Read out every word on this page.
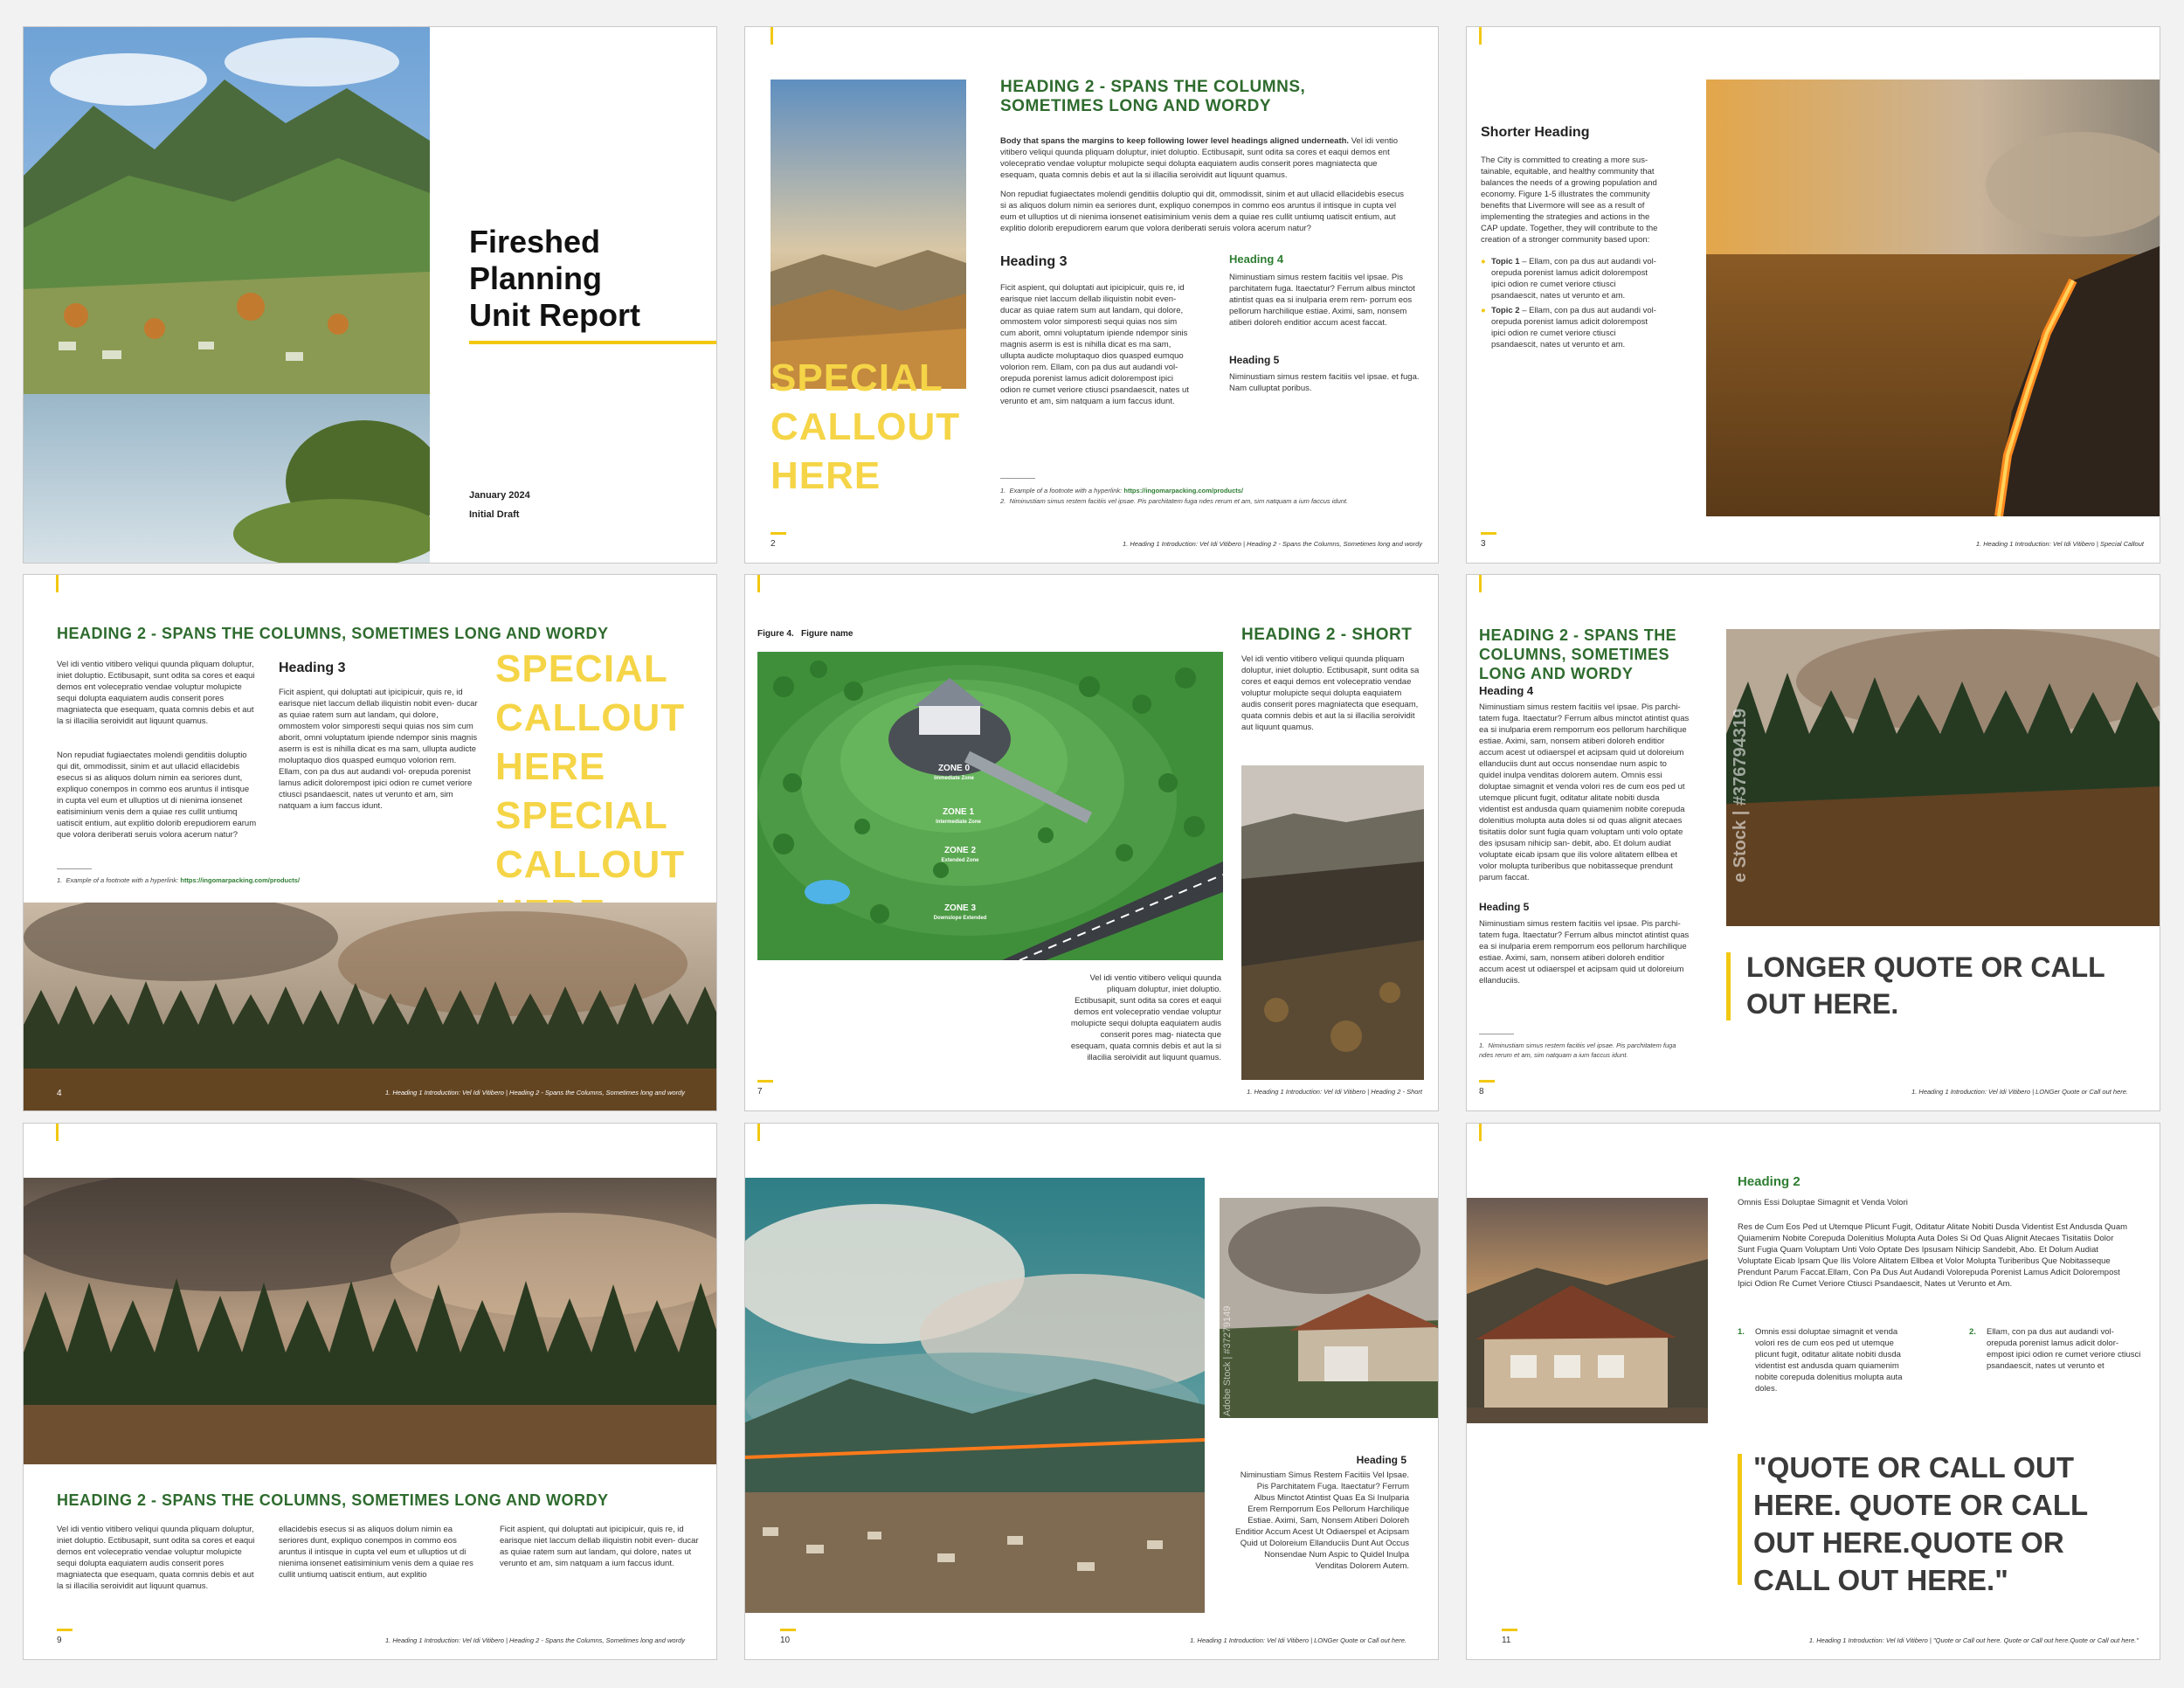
Fireshed
Planning
Unit Report
January 2024
Initial Draft
SPECIAL CALLOUT HERE
HEADING 2 - SPANS THE COLUMNS, SOMETIMES LONG AND WORDY
Body that spans the margins to keep following lower level headings aligned underneath. Vel idi ventio vitibero veliqui quunda pliquam doluptur, iniet doluptio. Ectibusapit, sunt odita sa cores et eaqui demos ent volecepratio vendae voluptur molupicte sequi dolupta eaquiatem audis conserit pores magniatecta que esequam, quata comnis debis et aut la si illacilia seroividit aut liquunt quamus.
Non repudiat fugiaectates molendi genditiis doluptio qui dit, ommodissit, sinim et aut ullacid ellacidebis esecus si as aliquos dolum nimin ea seriores dunt, expliquo conempos in commo eos aruntus il intisque in cupta vel eum et ulluptios ut di nienima ionsenet eatisiminium venis dem a quiae res cullit untiumq uatiscit entium, aut explitio dolorib erepudiorem earum que volora deriberati seruis volora acerum natur?
Heading 3
Ficit aspient, qui doluptati aut ipicipicuir, quis re, id earisque niet laccum dellab iliquistin nobit even- ducar as quiae ratem sum aut landam, qui dolore, ommostem volor simporesti sequi quias nos sim cum aborit, omni voluptatum ipiende ndempor sinis magnis aserm is est is nihilla dicat es ma sam, ullupta audicte moluptaquo dios quasped eumquo volorion rem. Ellam, con pa dus aut audandi vol- orepuda porenist lamus adicit dolorempost ipici odion re cumet veriore ctiusci psandaescit, nates ut verunto et am, sim natquam a ium faccus idunt.
Heading 4
Niminustiam simus restem facitiis vel ipsae. Pis parchitatem fuga. Itaectatur? Ferrum albus minctot atintist quas ea si inulparia erem rem- porrum eos pellorum harchilique estiae. Aximi, sam, nonsem atiberi doloreh enditior accum acest faccat.
Heading 5
Niminustiam simus restem facitiis vel ipsae. et fuga. Nam culluptat poribus.
1.  Example of a footnote with a hyperlink: https://ingomarpacking.com/products/
2.  Niminustiam simus restem facitiis vel ipsae. Pis parchitatem fuga ndes rerum et am, sim natquam a ium faccus idunt.
2	1. Heading 1 Introduction: Vel Idi Vitibero | Heading 2 - Spans the Columns, Sometimes long and wordy
Shorter Heading
The City is committed to creating a more sus- tainable, equitable, and healthy community that balances the needs of a growing population and economy. Figure 1-5 illustrates the community benefits that Livermore will see as a result of implementing the strategies and actions in the CAP update. Together, they will contribute to the creation of a stronger community based upon:
● Topic 1 – Ellam, con pa dus aut audandi vol- orepuda porenist lamus adicit dolorempost ipici odion re cumet veriore ctiusci psandaescit, nates ut verunto et am.
● Topic 2 – Ellam, con pa dus aut audandi vol- orepuda porenist lamus adicit dolorempost ipici odion re cumet veriore ctiusci psandaescit, nates ut verunto et am.
3	1. Heading 1 Introduction: Vel Idi Vitibero | Special Callout
HEADING 2 - SPANS THE COLUMNS, SOMETIMES LONG AND WORDY
Vel idi ventio vitibero veliqui quunda pliquam doluptur, iniet doluptio. Ectibusapit, sunt odita sa cores et eaqui demos ent volecepratio vendae voluptur molupicte sequi dolupta eaquiatem audis conserit pores magniatecta que esequam, quata comnis debis et aut la si illacilia seroividit aut liquunt quamus.
Non repudiat fugiaectates molendi genditiis doluptio qui dit, ommodissit, sinim et aut ullacid ellacidebis esecus si as aliquos dolum nimin ea seriores dunt, expliquo conempos in commo eos aruntus il intisque in cupta vel eum et ulluptios ut di nienima ionsenet eatisiminium venis dem a quiae res cullit untiumq uatiscit entium, aut explitio dolorib erepudiorem earum que volora deriberati seruis volora acerum natur?
Heading 3
Ficit aspient, qui doluptati aut ipicipicuir, quis re, id earisque niet laccum dellab iliquistin nobit even- ducar as quiae ratem sum aut landam, qui dolore, ommostem volor simporesti sequi quias nos sim cum aborit, omni voluptatum ipiende ndempor sinis magnis aserm is est is nihilla dicat es ma sam, ullupta audicte moluptaquo dios quasped eumquo volorion rem. Ellam, con pa dus aut audandi vol- orepuda porenist lamus adicit dolorempost ipici odion re cumet veriore ctiusci psandaescit, nates ut verunto et am, sim natquam a ium faccus idunt.
SPECIAL CALLOUT HERE SPECIAL CALLOUT
1.  Example of a footnote with a hyperlink: https://ingomarpacking.com/products/
4	1. Heading 1 Introduction: Vel Idi Vitibero | Heading 2 - Spans the Columns, Sometimes long and wordy
Figure 4. Figure name
ZONE 0
Immediate Zone
ZONE 1
Intermediate Zone
ZONE 2
Extended Zone
ZONE 3
Downslope Extended
Vel idi ventio vitibero veliqui quunda pliquam doluptur, iniet doluptio. Ectibusapit, sunt odita sa cores et eaqui demos ent volecepratio vendae voluptur molupicte sequi dolupta eaquiatem audis conserit pores mag- niatecta que esequam, quata comnis debis et aut la si illacilia seroividit aut liquunt quamus.
HEADING 2 - SHORT
Vel idi ventio vitibero veliqui quunda pliquam doluptur, iniet doluptio. Ectibusapit, sunt odita sa cores et eaqui demos ent volecepratio vendae voluptur molupicte sequi dolupta eaquiatem audis conserit pores magniatecta que esequam, quata comnis debis et aut la si illacilia seroividit aut liquunt quamus.
7	1. Heading 1 Introduction: Vel Idi Vitibero | Heading 2 - Short
HEADING 2 - SPANS THE COLUMNS, SOMETIMES LONG AND WORDY
Heading 4
Niminustiam simus restem facitiis vel ipsae. Pis parchi- tatem fuga. Itaectatur? Ferrum albus minctot atintist quas ea si inulparia erem remporrum eos pellorum harchilique estiae. Aximi, sam, nonsem atiberi doloreh enditior accum acest ut odiaerspel et acipsam quid ut doloreium ellanduciis dunt aut occus nonsendae num aspic to quidel inulpa venditas dolorem autem. Omnis essi doluptae simagnit et venda volori res de cum eos ped ut utemque plicunt fugit, oditatur alitate nobiti dusda videntist est andusda quam quiamenim nobite corepuda dolenitius molupta auta doles si od quas alignit atecaes tisitatiis dolor sunt fugia quam voluptam unti volo optate des ipsusam nihicip san- debit, abo. Et dolum audiat voluptate eicab ipsam que ilis volore alitatem ellbea et volor molupta turiberibus que nobitasseque prendunt parum faccat.
Heading 5
Niminustiam simus restem facitiis vel ipsae. Pis parchi- tatem fuga. Itaectatur? Ferrum albus minctot atintist quas ea si inulparia erem remporrum eos pellorum harchilique estiae. Aximi, sam, nonsem atiberi doloreh enditior accum acest ut odiaerspel et acipsam quid ut doloreium ellanduciis.
1.  Niminustiam simus restem facitiis vel ipsae. Pis parchitatem fuga ndes rerum et am, sim natquam a ium faccus idunt.
e Stock | #376794319
LONGER QUOTE OR CALL OUT HERE.
8	1. Heading 1 Introduction: Vel Idi Vitibero | LONGer Quote or Call out here.
HEADING 2 - SPANS THE COLUMNS, SOMETIMES LONG AND WORDY
Vel idi ventio vitibero veliqui quunda pliquam doluptur, iniet doluptio. Ectibusapit, sunt odita sa cores et eaqui demos ent volecepratio vendae voluptur molupicte sequi dolupta eaquiatem audis conserit pores magniatecta que esequam, quata comnis debis et aut la si illacilia seroividit aut liquunt quamus.
ellacidebis esecus si as aliquos dolum nimin ea seriores dunt, expliquo conempos in commo eos aruntus il intisque in cupta vel eum et ulluptios ut di nienima ionsenet eatisiminium venis dem a quiae res cullit untiumq uatiscit entium, aut explitio
Ficit aspient, qui doluptati aut ipicipicuir, quis re, id earisque niet laccum dellab iliquistin nobit even- ducar as quiae ratem sum aut landam, qui dolore, nates ut verunto et am, sim natquam a ium faccus idunt.
9	1. Heading 1 Introduction: Vel Idi Vitibero | Heading 2 - Spans the Columns, Sometimes long and wordy
Adobe Stock | #37279149
Heading 5
Niminustiam Simus Restem Facitiis Vel Ipsae. Pis Parchitatem Fuga. Itaectatur? Ferrum Albus Minctot Atintist Quas Ea Si Inulparia Erem Remporrum Eos Pellorum Harchilique Estiae. Aximi, Sam, Nonsem Atiberi Doloreh Enditior Accum Acest Ut Odiaerspel et Acipsam Quid ut Doloreium Ellanduciis Dunt Aut Occus Nonsendae Num Aspic to Quidel Inulpa Venditas Dolorem Autem.
10	1. Heading 1 Introduction: Vel Idi Vitibero | LONGer Quote or Call out here.
Heading 2
Omnis Essi Doluptae Simagnit et Venda Volori
Res de Cum Eos Ped ut Utemque Plicunt Fugit, Oditatur Alitate Nobiti Dusda Videntist Est Andusda Quam Quiamenim Nobite Corepuda Dolenitius Molupta Auta Doles Si Od Quas Alignit Atecaes Tisitatiis Dolor Sunt Fugia Quam Voluptam Unti Volo Optate Des Ipsusam Nihicip Sandebit, Abo. Et Dolum Audiat Voluptate Eicab Ipsam Que Ilis Volore Alitatem Ellbea et Volor Molupta Turiberibus Que Nobitasseque Prendunt Parum Faccat.Ellam, Con Pa Dus Aut Audandi Volorepuda Porenist Lamus Adicit Dolorempost Ipici Odion Re Cumet Veriore Ctiusci Psandaescit, Nates ut Verunto et Am.
1. Omnis essi doluptae simagnit et venda volori res de cum eos ped ut utemque plicunt fugit, oditatur alitate nobiti dusda videntist est andusda quam quiamenim nobite corepuda dolenitius molupta auta doles.
2. Ellam, con pa dus aut audandi vol- orepuda porenist lamus adicit dolor- empost ipici odion re cumet veriore ctiusci psandaescit, nates ut verunto et
"QUOTE OR CALL OUT HERE. QUOTE OR CALL OUT HERE.QUOTE OR CALL OUT HERE."
11	1. Heading 1 Introduction: Vel Idi Vitibero | "Quote or Call out here. Quote or Call out here.Quote or Call out here."
